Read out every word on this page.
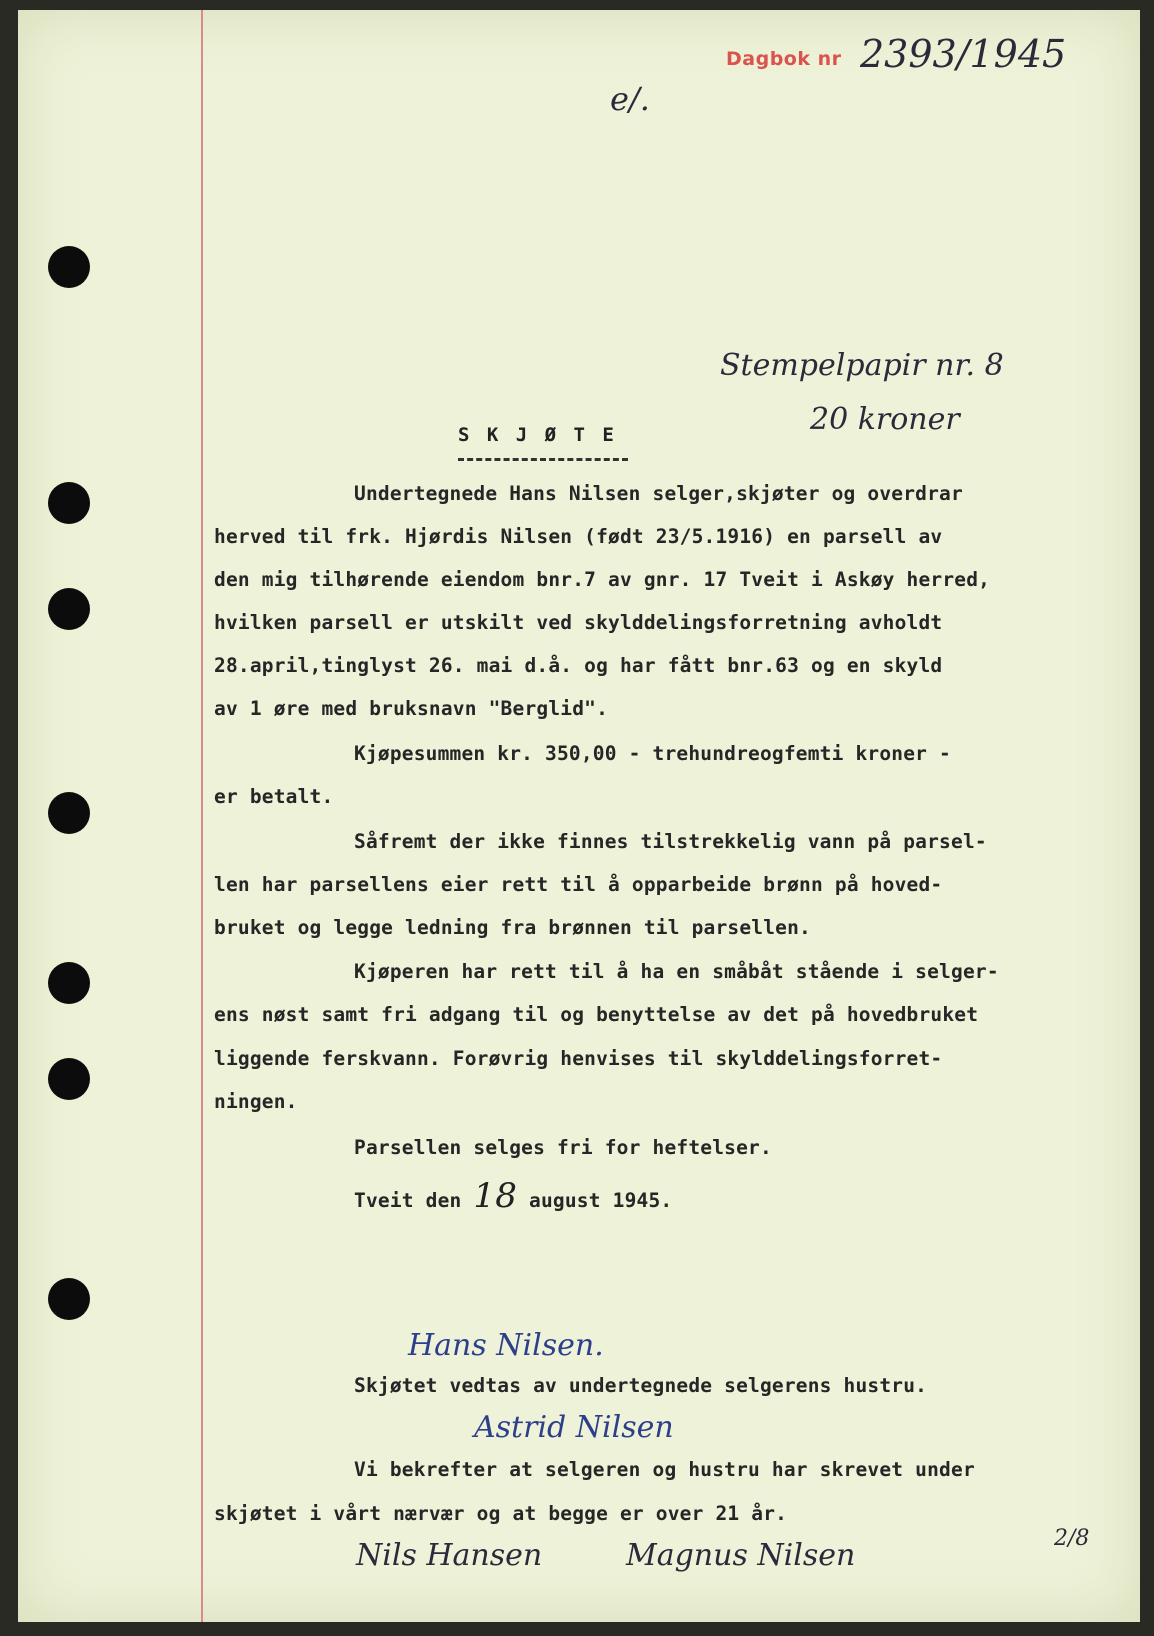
Dagbok nr 2393/1945
e/.
Stempelpapir nr. 8
20 kroner
S K J Ø T E
Undertegnede Hans Nilsen selger,skjøter og overdrar
herved til frk. Hjørdis Nilsen (født 23/5.1916) en parsell av
den mig tilhørende eiendom bnr.7 av gnr. 17 Tveit i Askøy herred,
hvilken parsell er utskilt ved skylddelingsforretning avholdt
28.april,tinglyst 26. mai d.å. og har fått bnr.63 og en skyld
av 1 øre med bruksnavn "Berglid".
Kjøpesummen kr. 350,00 - trehundreogfemti kroner -
er betalt.
Såfremt der ikke finnes tilstrekkelig vann på parsel-
len har parsellens eier rett til å opparbeide brønn på hoved-
bruket og legge ledning fra brønnen til parsellen.
Kjøperen har rett til å ha en småbåt stående i selger-
ens nøst samt fri adgang til og benyttelse av det på hovedbruket
liggende ferskvann. Forøvrig henvises til skylddelingsforret-
ningen.
Parsellen selges fri for heftelser.
Tveit den 18 august 1945.
Hans Nilsen.
Skjøtet vedtas av undertegnede selgerens hustru.
Astrid Nilsen
Vi bekrefter at selgeren og hustru har skrevet under
skjøtet i vårt nærvær og at begge er over 21 år.
Nils Hansen	Magnus Nilsen	2/8
